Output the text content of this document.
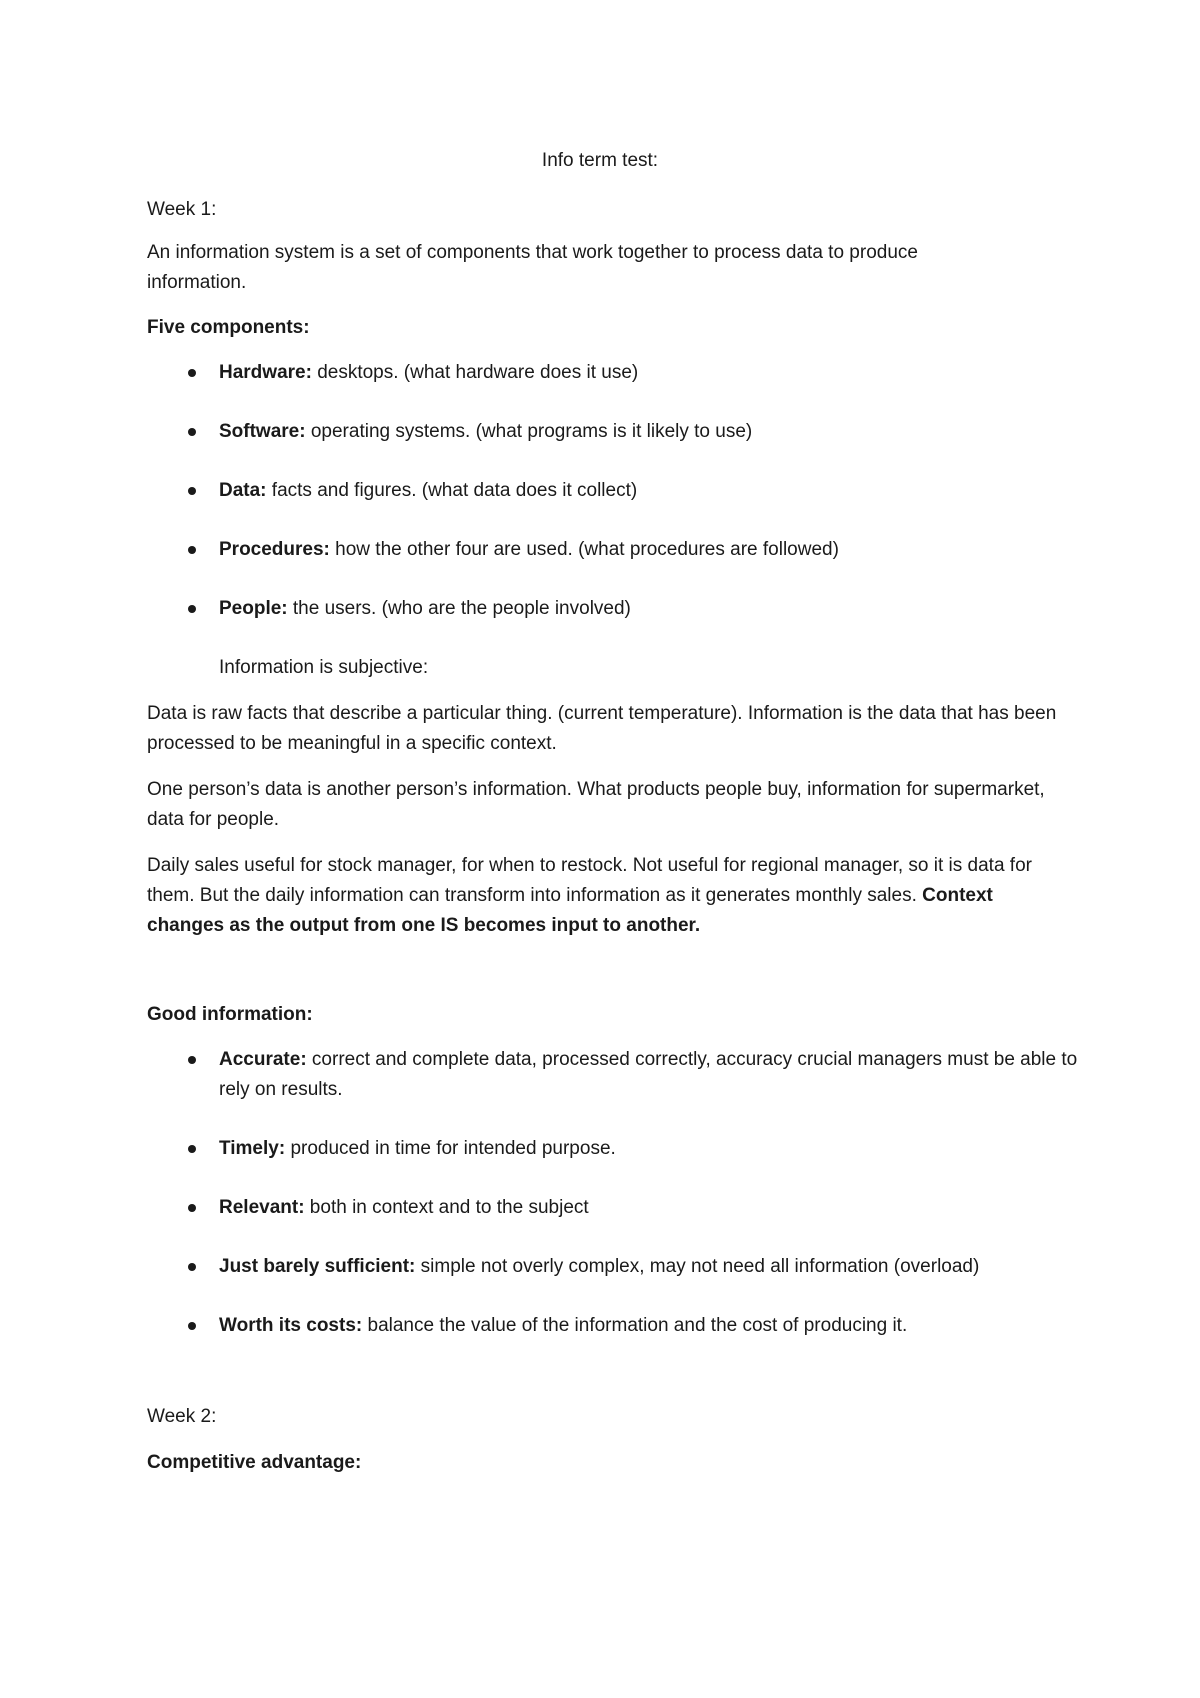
Info term test:

Week 1:

An information system is a set of components that work together to process data to produce information.

Five components:

Hardware: desktops. (what hardware does it use)

Software: operating systems. (what programs is it likely to use)

Data: facts and figures. (what data does it collect)

Procedures: how the other four are used. (what procedures are followed)

People: the users. (who are the people involved)

Information is subjective:

Data is raw facts that describe a particular thing. (current temperature). Information is the data that has been processed to be meaningful in a specific context.

One person’s data is another person’s information. What products people buy, information for supermarket, data for people.

Daily sales useful for stock manager, for when to restock. Not useful for regional manager, so it is data for them. But the daily information can transform into information as it generates monthly sales. Context changes as the output from one IS becomes input to another.

Good information:

Accurate: correct and complete data, processed correctly, accuracy crucial managers must be able to rely on results.

Timely: produced in time for intended purpose.

Relevant: both in context and to the subject

Just barely sufficient: simple not overly complex, may not need all information (overload)

Worth its costs: balance the value of the information and the cost of producing it.

Week 2:

Competitive advantage:
